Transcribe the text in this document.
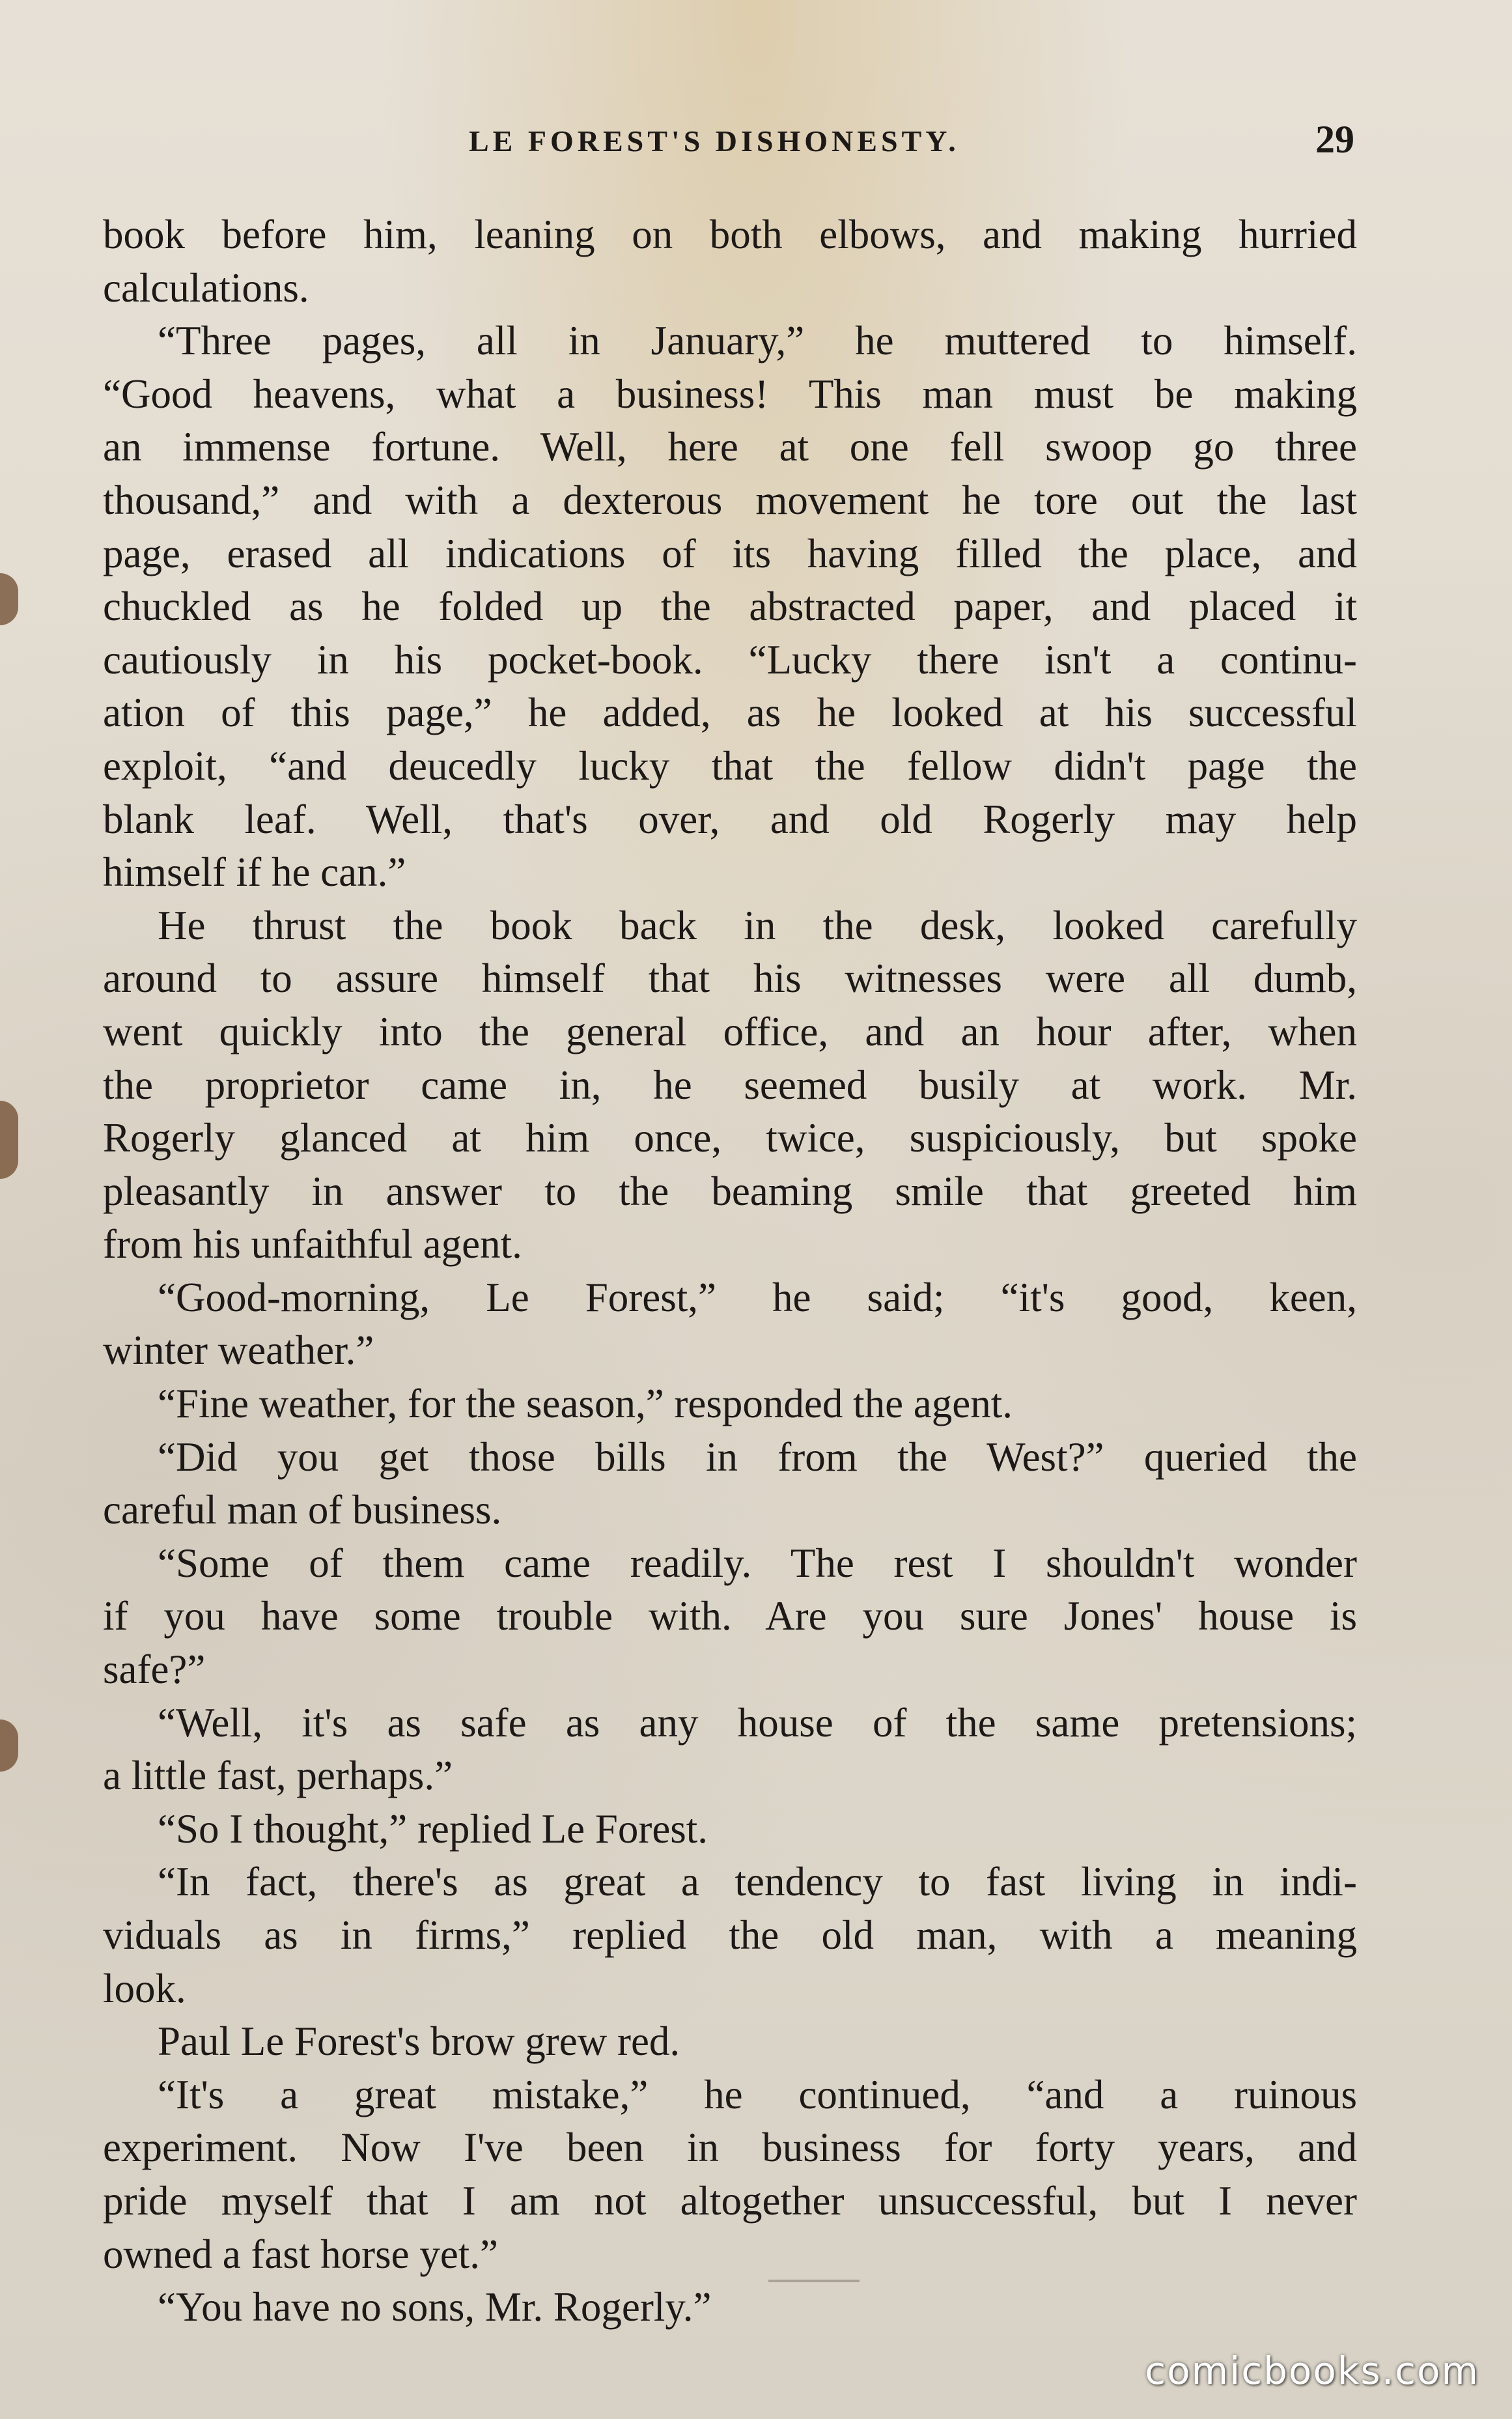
LE FOREST'S DISHONESTY.	29
book before him, leaning on both elbows, and making hurried
calculations.
“Three pages, all in January,” he muttered to himself.
“Good heavens, what a business! This man must be making
an immense fortune. Well, here at one fell swoop go three
thousand,” and with a dexterous movement he tore out the last
page, erased all indications of its having filled the place, and
chuckled as he folded up the abstracted paper, and placed it
cautiously in his pocket-book. “Lucky there isn't a continu-
ation of this page,” he added, as he looked at his successful
exploit, “and deucedly lucky that the fellow didn't page the
blank leaf. Well, that's over, and old Rogerly may help
himself if he can.”
He thrust the book back in the desk, looked carefully
around to assure himself that his witnesses were all dumb,
went quickly into the general office, and an hour after, when
the proprietor came in, he seemed busily at work. Mr.
Rogerly glanced at him once, twice, suspiciously, but spoke
pleasantly in answer to the beaming smile that greeted him
from his unfaithful agent.
“Good-morning, Le Forest,” he said; “it's good, keen,
winter weather.”
“Fine weather, for the season,” responded the agent.
“Did you get those bills in from the West?” queried the
careful man of business.
“Some of them came readily. The rest I shouldn't wonder
if you have some trouble with. Are you sure Jones' house is
safe?”
“Well, it's as safe as any house of the same pretensions;
a little fast, perhaps.”
“So I thought,” replied Le Forest.
“In fact, there's as great a tendency to fast living in indi-
viduals as in firms,” replied the old man, with a meaning
look.
Paul Le Forest's brow grew red.
“It's a great mistake,” he continued, “and a ruinous
experiment. Now I've been in business for forty years, and
pride myself that I am not altogether unsuccessful, but I never
owned a fast horse yet.”
“You have no sons, Mr. Rogerly.”
comicbooks.com
